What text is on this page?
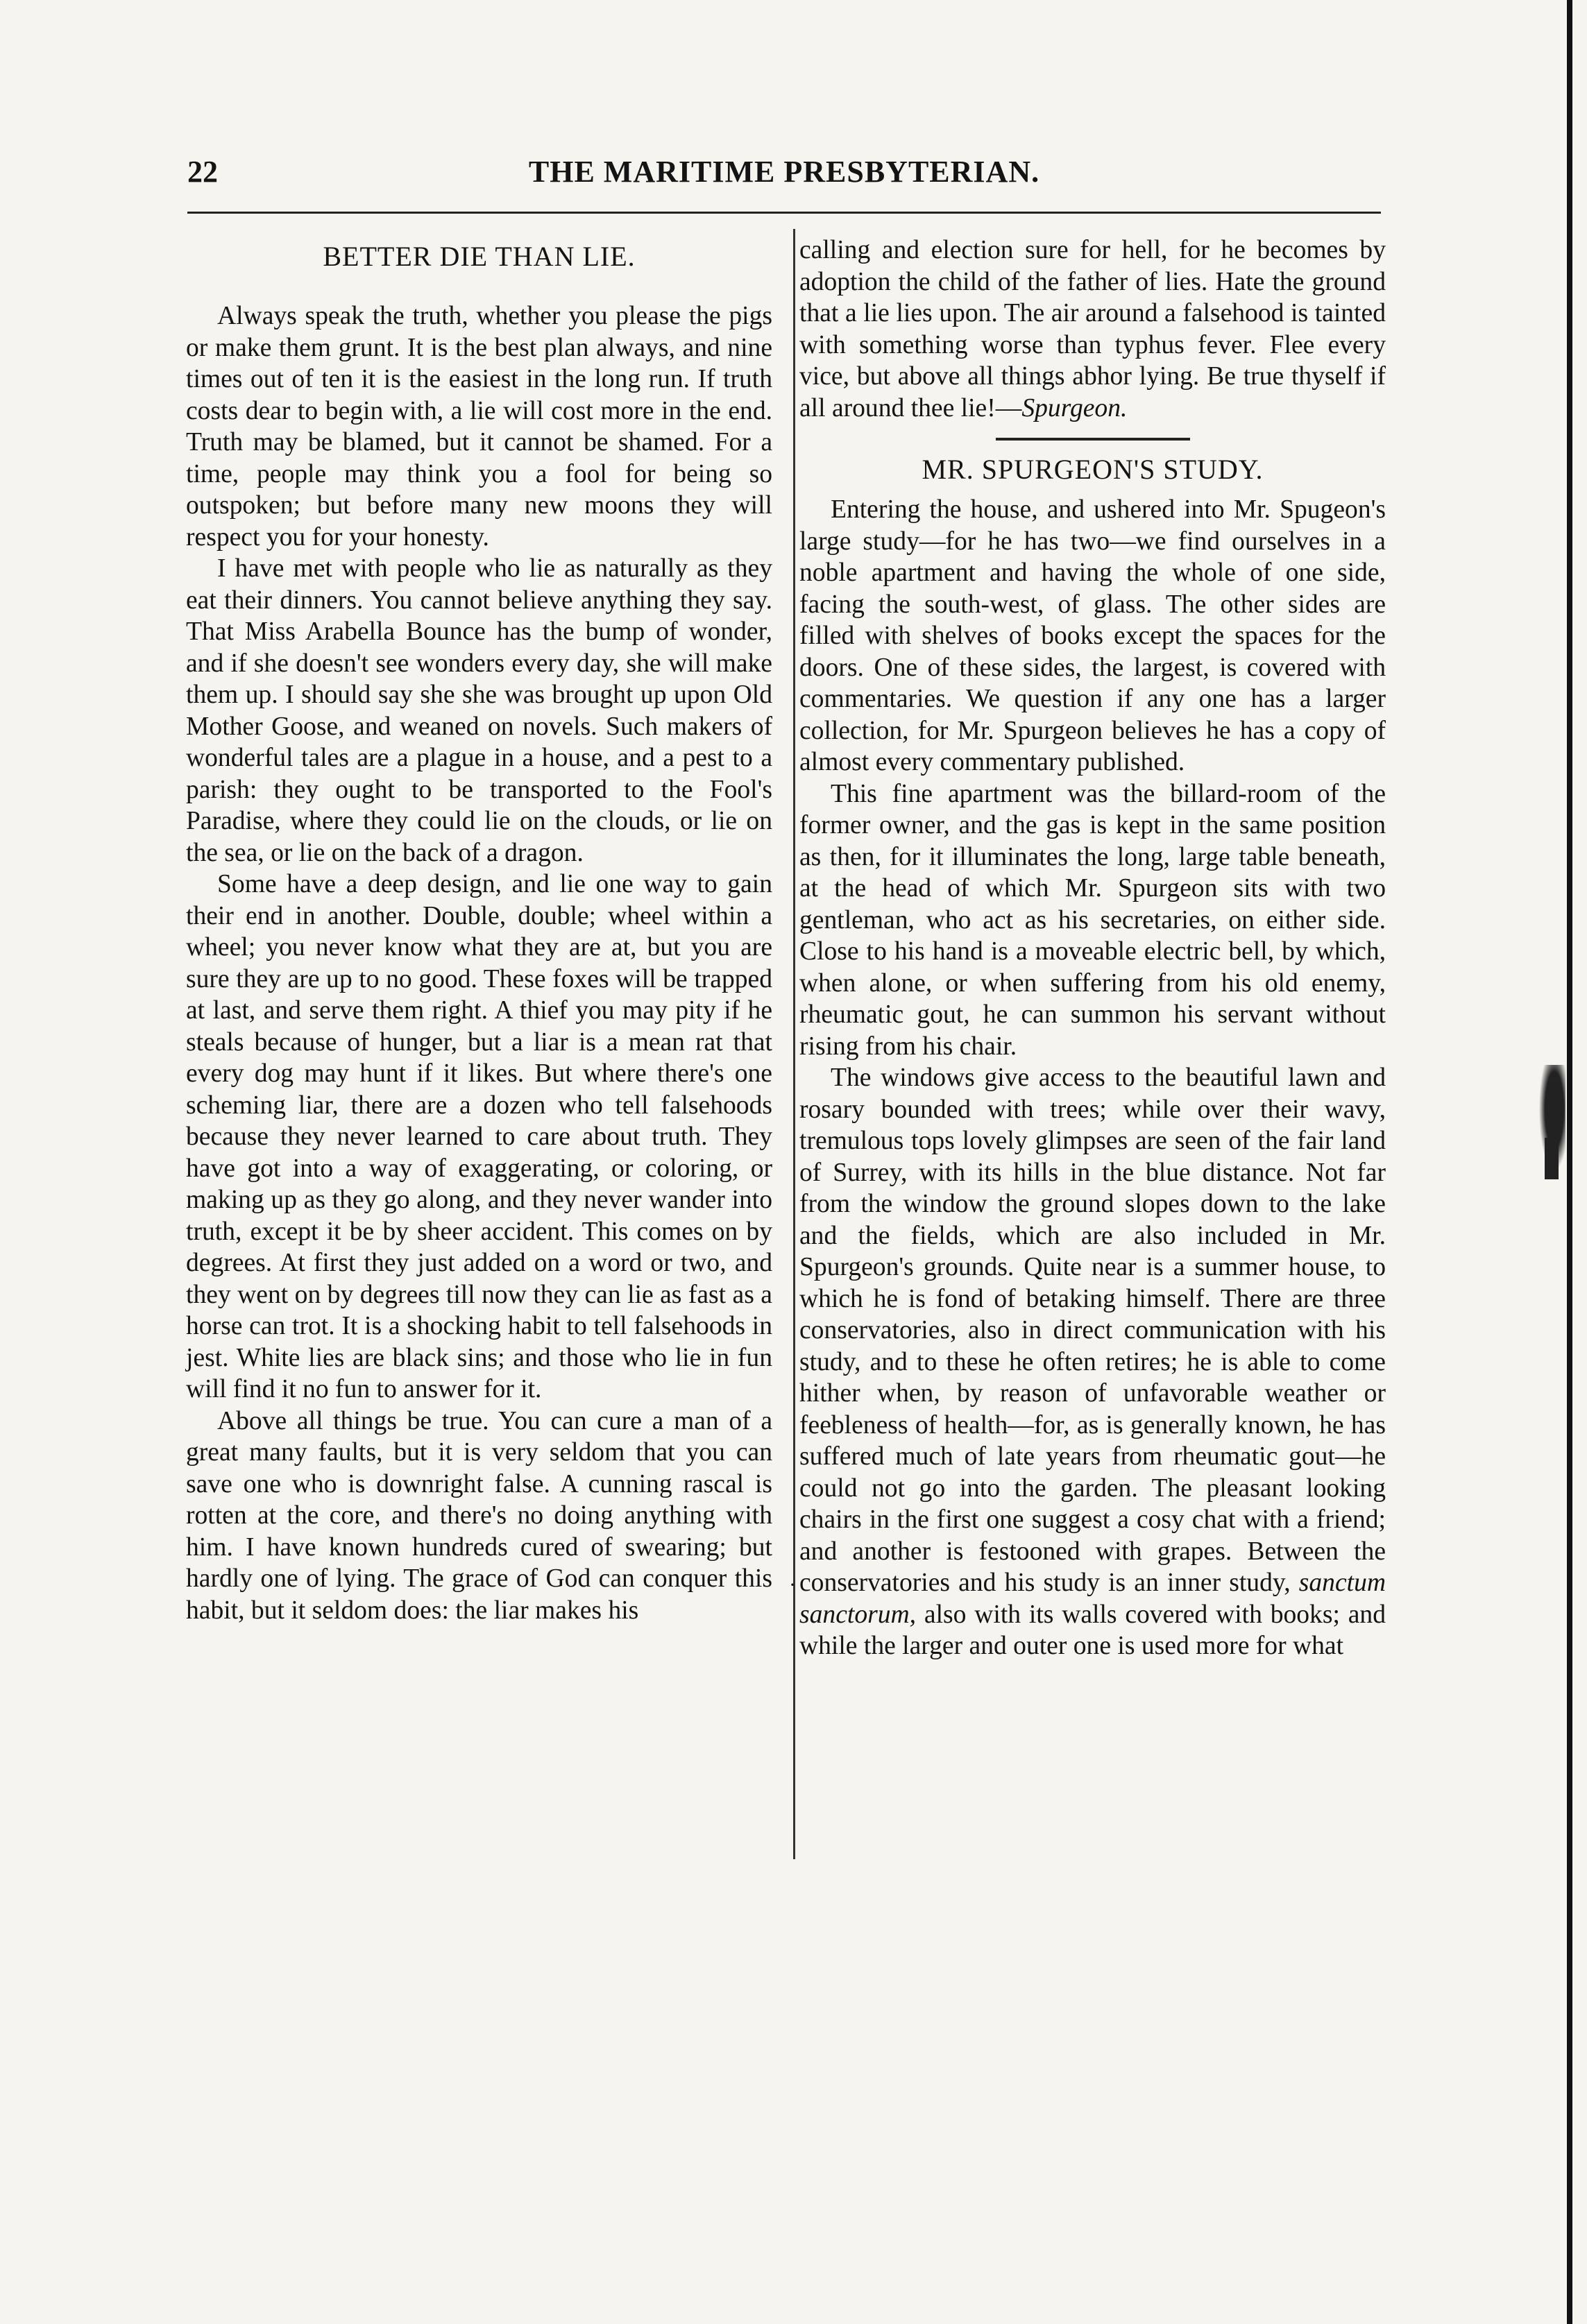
22	THE MARITIME PRESBYTERIAN.
·
BETTER DIE THAN LIE.

Always speak the truth, whether you please the pigs or make them grunt. It is the best plan always, and nine times out of ten it is the easiest in the long run. If truth costs dear to begin with, a lie will cost more in the end. Truth may be blamed, but it cannot be shamed. For a time, people may think you a fool for being so outspoken; but before many new moons they will respect you for your honesty.

I have met with people who lie as naturally as they eat their dinners. You cannot believe anything they say. That Miss Arabella Bounce has the bump of wonder, and if she doesn't see wonders every day, she will make them up. I should say she she was brought up upon Old Mother Goose, and weaned on novels. Such makers of wonderful tales are a plague in a house, and a pest to a parish: they ought to be transported to the Fool's Paradise, where they could lie on the clouds, or lie on the sea, or lie on the back of a dragon.

Some have a deep design, and lie one way to gain their end in another. Double, double; wheel within a wheel; you never know what they are at, but you are sure they are up to no good. These foxes will be trapped at last, and serve them right. A thief you may pity if he steals because of hunger, but a liar is a mean rat that every dog may hunt if it likes. But where there's one scheming liar, there are a dozen who tell falsehoods because they never learned to care about truth. They have got into a way of exaggerating, or coloring, or making up as they go along, and they never wander into truth, except it be by sheer accident. This comes on by degrees. At first they just added on a word or two, and they went on by degrees till now they can lie as fast as a horse can trot. It is a shocking habit to tell falsehoods in jest. White lies are black sins; and those who lie in fun will find it no fun to answer for it.

Above all things be true. You can cure a man of a great many faults, but it is very seldom that you can save one who is downright false. A cunning rascal is rotten at the core, and there's no doing anything with him. I have known hundreds cured of swearing; but hardly one of lying. The grace of God can conquer this habit, but it seldom does: the liar makes his

calling and election sure for hell, for he becomes by adoption the child of the father of lies. Hate the ground that a lie lies upon. The air around a falsehood is tainted with something worse than typhus fever. Flee every vice, but above all things abhor lying. Be true thyself if all around thee lie!—Spurgeon.

MR. SPURGEON'S STUDY.

Entering the house, and ushered into Mr. Spugeon's large study—for he has two—we find ourselves in a noble apartment and having the whole of one side, facing the south-west, of glass. The other sides are filled with shelves of books except the spaces for the doors. One of these sides, the largest, is covered with commentaries. We question if any one has a larger collection, for Mr. Spurgeon believes he has a copy of almost every commentary published.

This fine apartment was the billard-room of the former owner, and the gas is kept in the same position as then, for it illuminates the long, large table beneath, at the head of which Mr. Spurgeon sits with two gentleman, who act as his secretaries, on either side. Close to his hand is a moveable electric bell, by which, when alone, or when suffering from his old enemy, rheumatic gout, he can summon his servant without rising from his chair.

The windows give access to the beautiful lawn and rosary bounded with trees; while over their wavy, tremulous tops lovely glimpses are seen of the fair land of Surrey, with its hills in the blue distance. Not far from the window the ground slopes down to the lake and the fields, which are also included in Mr. Spurgeon's grounds. Quite near is a summer house, to which he is fond of betaking himself. There are three conservatories, also in direct communication with his study, and to these he often retires; he is able to come hither when, by reason of unfavorable weather or feebleness of health—for, as is generally known, he has suffered much of late years from rheumatic gout—he could not go into the garden. The pleasant looking chairs in the first one suggest a cosy chat with a friend; and another is festooned with grapes. Between the conservatories and his study is an inner study, sanctum sanctorum, also with its walls covered with books; and while the larger and outer one is used more for what
